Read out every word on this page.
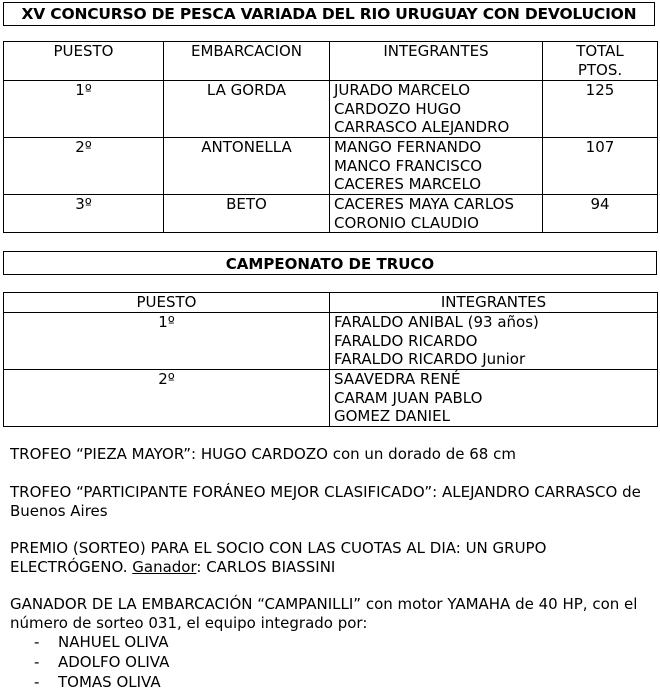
XV CONCURSO DE PESCA VARIADA DEL RIO URUGUAY CON DEVOLUCION
PUESTO	EMBARCACION	INTEGRANTES	TOTAL
PTOS.

1º	LA GORDA	JURADO MARCELO
CARDOZO HUGO
CARRASCO ALEJANDRO	125
2º	ANTONELLA	MANGO FERNANDO
MANCO FRANCISCO
CACERES MARCELO	107
3º	BETO	CACERES MAYA CARLOS
CORONIO CLAUDIO	94
CAMPEONATO DE TRUCO
PUESTO	INTEGRANTES
1º	FARALDO ANIBAL (93 años)
FARALDO RICARDO
FARALDO RICARDO Junior

2º	SAAVEDRA RENÉ
CARAM JUAN PABLO
GOMEZ DANIEL
TROFEO “PIEZA MAYOR”: HUGO CARDOZO con un dorado de 68 cm
TROFEO “PARTICIPANTE FORÁNEO MEJOR CLASIFICADO”: ALEJANDRO CARRASCO de Buenos Aires
PREMIO (SORTEO) PARA EL SOCIO CON LAS CUOTAS AL DIA: UN GRUPO ELECTRÓGENO. Ganador: CARLOS BIASSINI
GANADOR DE LA EMBARCACIÓN “CAMPANILLI” con motor YAMAHA de 40 HP, con el número de sorteo 031, el equipo integrado por:
- NAHUEL OLIVA
- ADOLFO OLIVA
- TOMAS OLIVA
